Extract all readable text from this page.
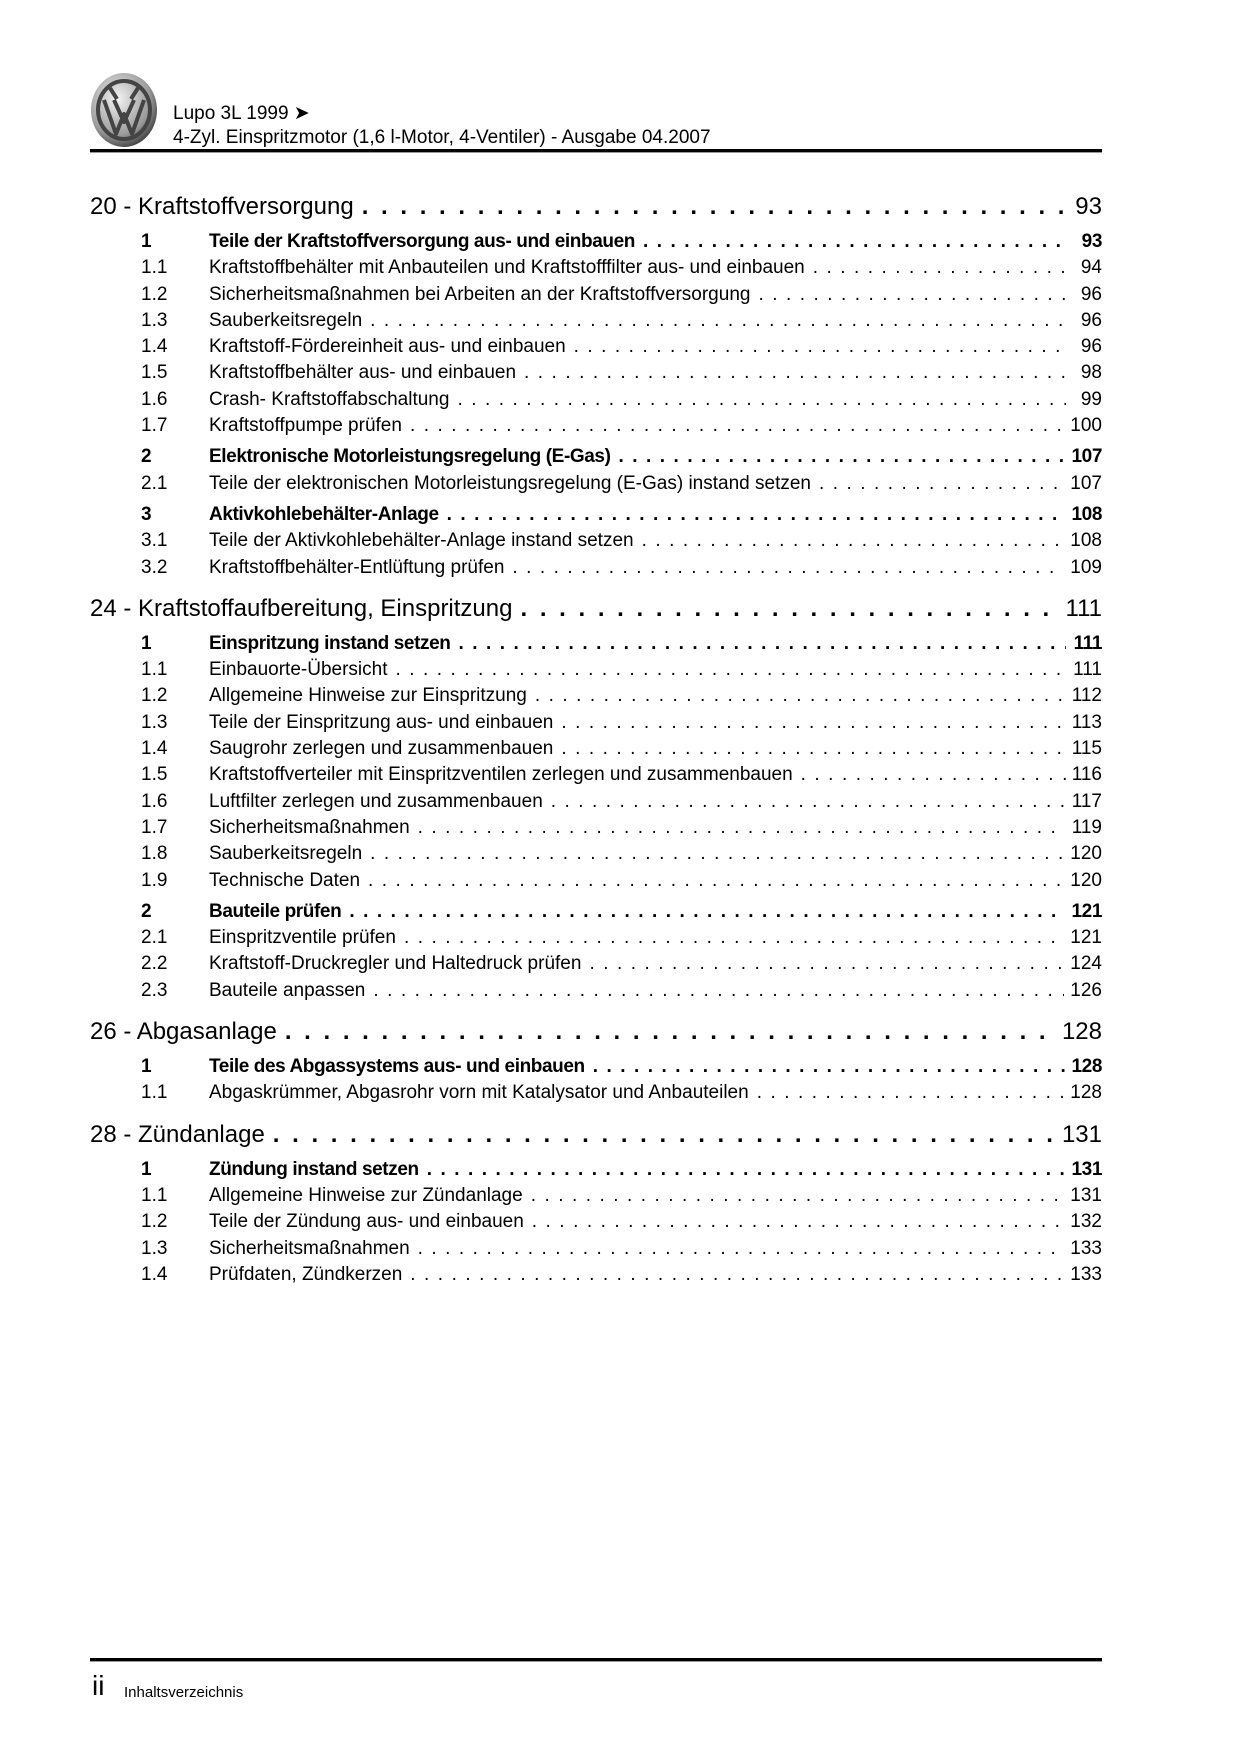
Lupo 3L 1999 ➤
4-Zyl. Einspritzmotor (1,6 l-Motor, 4-Ventiler) - Ausgabe 04.2007
20 - Kraftstoffversorgung . . .	93
1	Teile der Kraftstoffversorgung aus- und einbauen . . .	93
1.1	Kraftstoffbehälter mit Anbauteilen und Kraftstofffilter aus- und einbauen . . .	94
1.2	Sicherheitsmaßnahmen bei Arbeiten an der Kraftstoffversorgung . . .	96
1.3	Sauberkeitsregeln . . .	96
1.4	Kraftstoff-Fördereinheit aus- und einbauen . . .	96
1.5	Kraftstoffbehälter aus- und einbauen . . .	98
1.6	Crash- Kraftstoffabschaltung . . .	99
1.7	Kraftstoffpumpe prüfen . . .	100
2	Elektronische Motorleistungsregelung (E-Gas) . . .	107
2.1	Teile der elektronischen Motorleistungsregelung (E-Gas) instand setzen . . .	107
3	Aktivkohlebehälter-Anlage . . .	108
3.1	Teile der Aktivkohlebehälter-Anlage instand setzen . . .	108
3.2	Kraftstoffbehälter-Entlüftung prüfen . . .	109
24 - Kraftstoffaufbereitung, Einspritzung . . .	111
1	Einspritzung instand setzen . . .	111
1.1	Einbauorte-Übersicht . . .	111
1.2	Allgemeine Hinweise zur Einspritzung . . .	112
1.3	Teile der Einspritzung aus- und einbauen . . .	113
1.4	Saugrohr zerlegen und zusammenbauen . . .	115
1.5	Kraftstoffverteiler mit Einspritzventilen zerlegen und zusammenbauen . . .	116
1.6	Luftfilter zerlegen und zusammenbauen . . .	117
1.7	Sicherheitsmaßnahmen . . .	119
1.8	Sauberkeitsregeln . . .	120
1.9	Technische Daten . . .	120
2	Bauteile prüfen . . .	121
2.1	Einspritzventile prüfen . . .	121
2.2	Kraftstoff-Druckregler und Haltedruck prüfen . . .	124
2.3	Bauteile anpassen . . .	126
26 - Abgasanlage . . .	128
1	Teile des Abgassystems aus- und einbauen . . .	128
1.1	Abgaskrümmer, Abgasrohr vorn mit Katalysator und Anbauteilen . . .	128
28 - Zündanlage . . .	131
1	Zündung instand setzen . . .	131
1.1	Allgemeine Hinweise zur Zündanlage . . .	131
1.2	Teile der Zündung aus- und einbauen . . .	132
1.3	Sicherheitsmaßnahmen . . .	133
1.4	Prüfdaten, Zündkerzen . . .	133
ii Inhaltsverzeichnis
